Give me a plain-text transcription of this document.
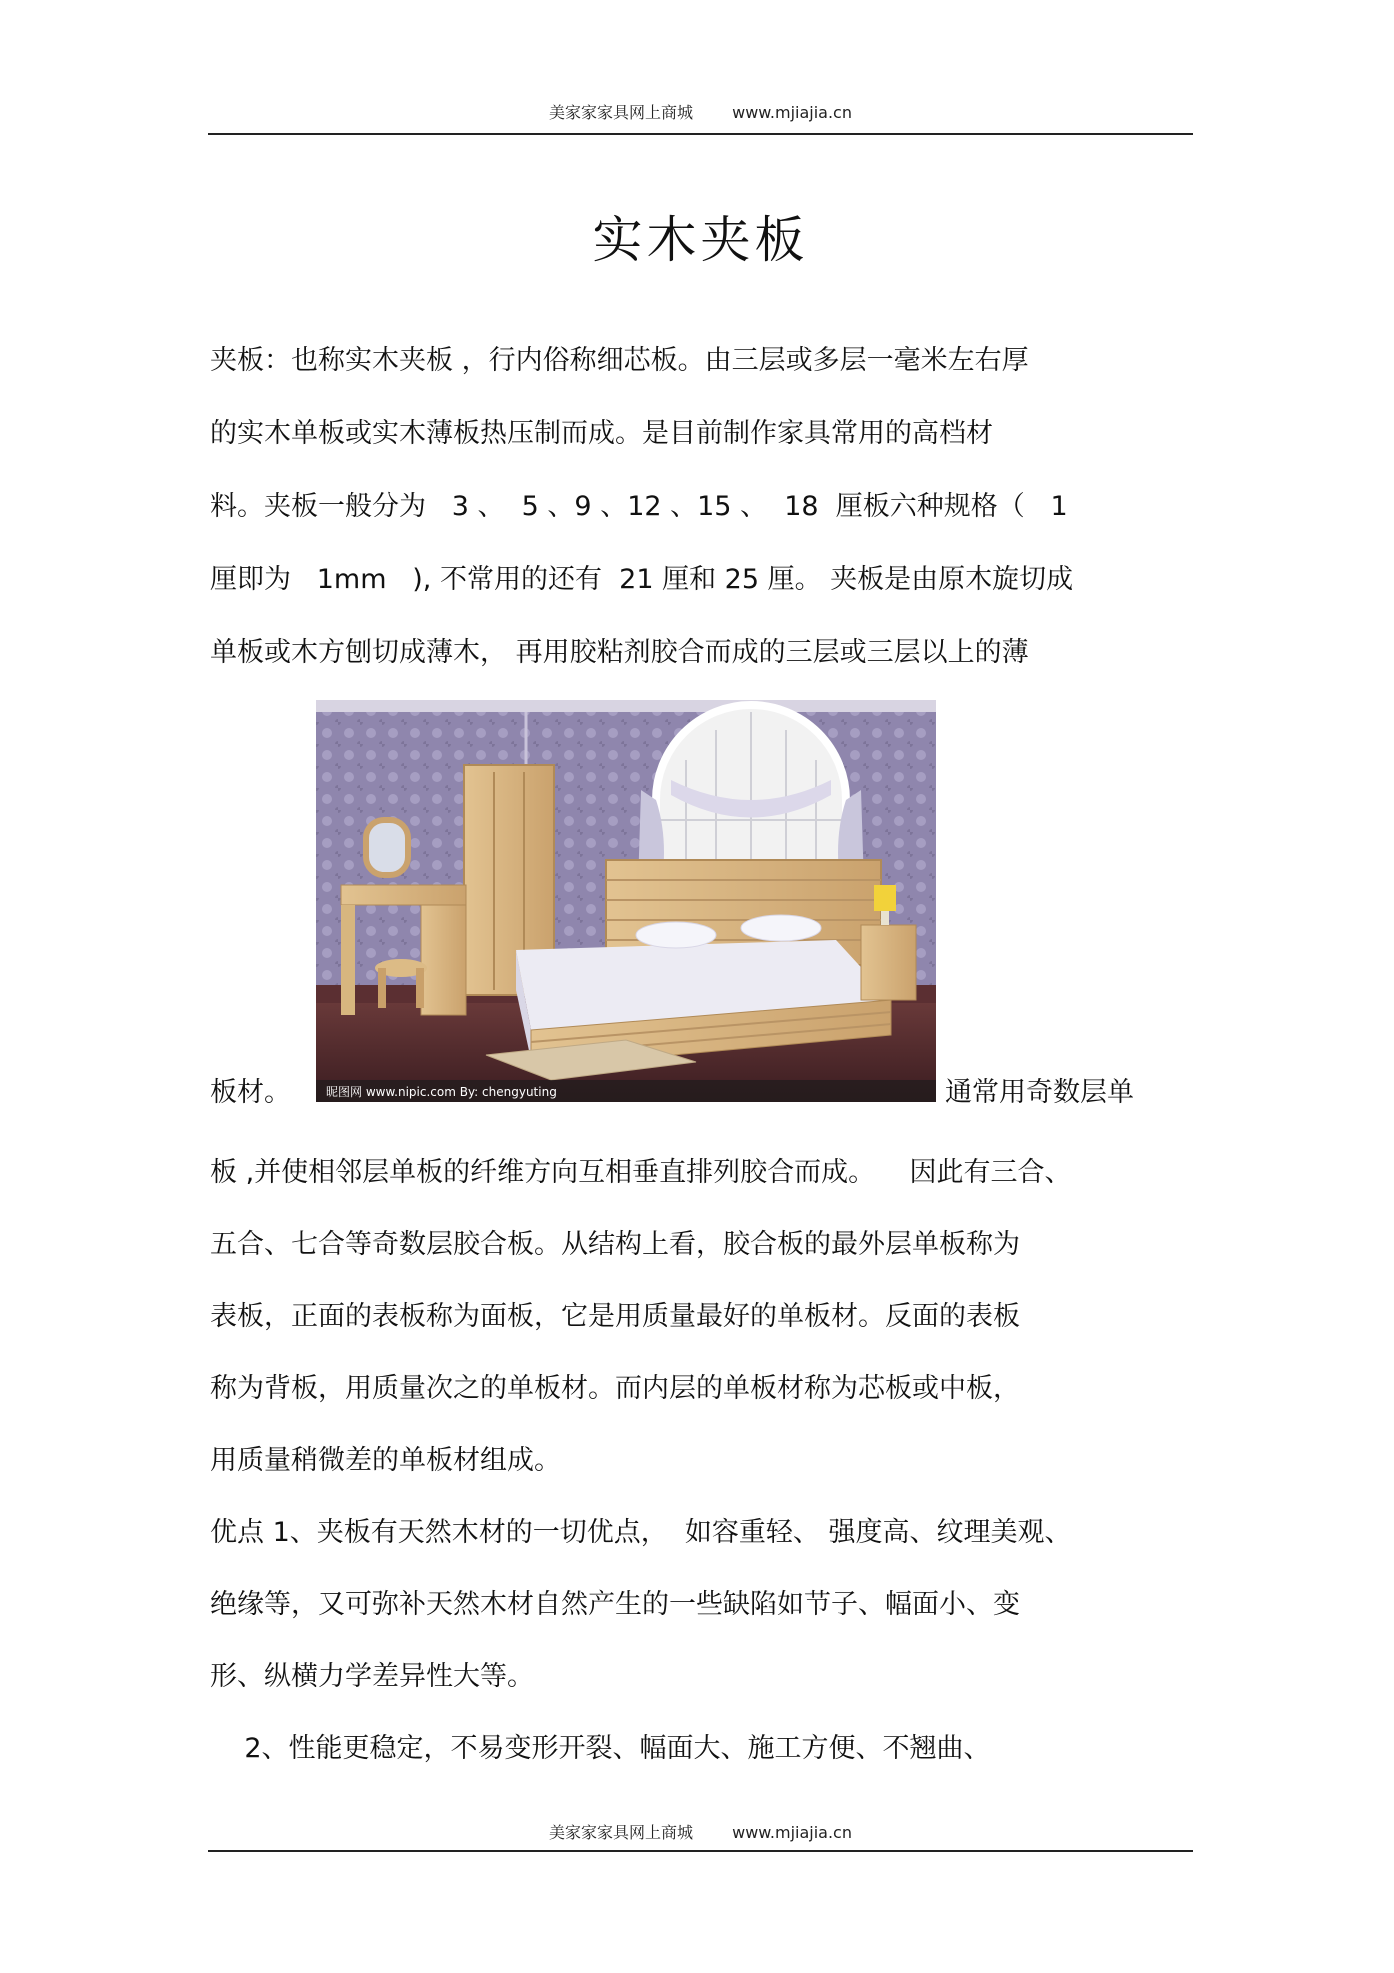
美家家家具网上商城 www.mjiajia.cn
实木夹板
夹板：也称实木夹板 ，行内俗称细芯板。由三层或多层一毫米左右厚
的实木单板或实木薄板热压制而成。是目前制作家具常用的高档材
料。夹板一般分为   3 、  5 、9 、12 、15 、  18  厘板六种规格（   1
厘即为   1mm   ), 不常用的还有  21 厘和 25 厘。 夹板是由原木旋切成
单板或木方刨切成薄木， 再用胶粘剂胶合而成的三层或三层以上的薄
板材。	昵图网 www.nipic.com By: chengyuting	通常用奇数层单
板 ,并使相邻层单板的纤维方向互相垂直排列胶合而成。    因此有三合、
五合、七合等奇数层胶合板。从结构上看，胶合板的最外层单板称为
表板，正面的表板称为面板，它是用质量最好的单板材。反面的表板
称为背板，用质量次之的单板材。而内层的单板材称为芯板或中板，
用质量稍微差的单板材组成。
优点 1、夹板有天然木材的一切优点，  如容重轻、 强度高、纹理美观、
绝缘等，又可弥补天然木材自然产生的一些缺陷如节子、幅面小、变
形、纵横力学差异性大等。
2、性能更稳定，不易变形开裂、幅面大、施工方便、不翘曲、
美家家家具网上商城 www.mjiajia.cn
